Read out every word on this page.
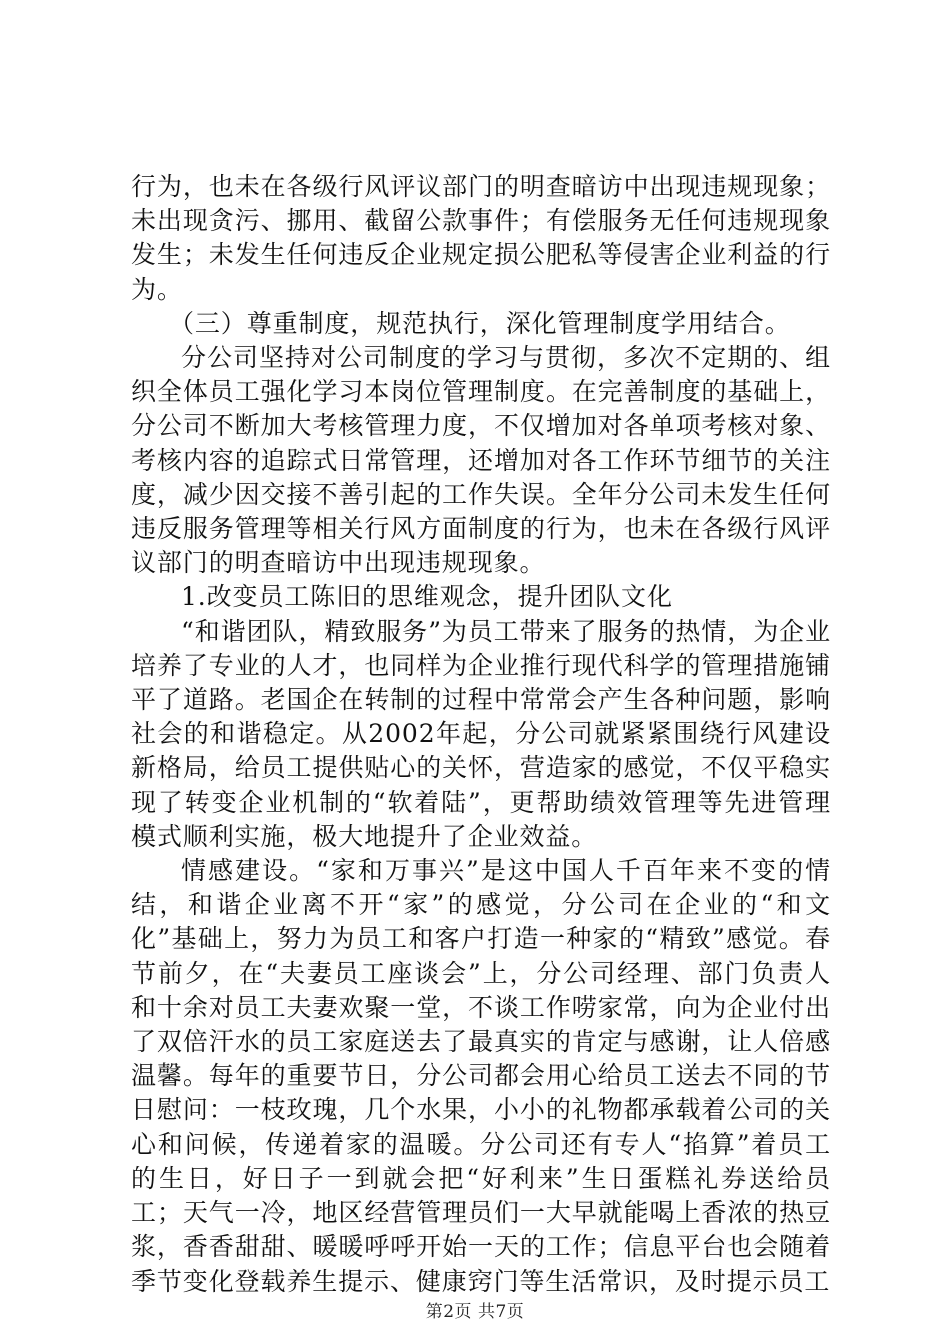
行为，也未在各级行风评议部门的明查暗访中出现违规现象；未出现贪污、挪用、截留公款事件；有偿服务无任何违规现象发生；未发生任何违反企业规定损公肥私等侵害企业利益的行为。

（三）尊重制度，规范执行，深化管理制度学用结合。

分公司坚持对公司制度的学习与贯彻，多次不定期的、组织全体员工强化学习本岗位管理制度。在完善制度的基础上，分公司不断加大考核管理力度，不仅增加对各单项考核对象、考核内容的追踪式日常管理，还增加对各工作环节细节的关注度，减少因交接不善引起的工作失误。全年分公司未发生任何违反服务管理等相关行风方面制度的行为，也未在各级行风评议部门的明查暗访中出现违规现象。

1.改变员工陈旧的思维观念，提升团队文化

“和谐团队，精致服务”为员工带来了服务的热情，为企业培养了专业的人才，也同样为企业推行现代科学的管理措施铺平了道路。老国企在转制的过程中常常会产生各种问题，影响社会的和谐稳定。从2002年起，分公司就紧紧围绕行风建设新格局，给员工提供贴心的关怀，营造家的感觉，不仅平稳实现了转变企业机制的“软着陆”，更帮助绩效管理等先进管理模式顺利实施，极大地提升了企业效益。

情感建设。“家和万事兴”是这中国人千百年来不变的情结，和谐企业离不开“家”的感觉，分公司在企业的“和文化”基础上，努力为员工和客户打造一种家的“精致”感觉。春节前夕，在“夫妻员工座谈会”上，分公司经理、部门负责人和十余对员工夫妻欢聚一堂，不谈工作唠家常，向为企业付出了双倍汗水的员工家庭送去了最真实的肯定与感谢，让人倍感温馨。每年的重要节日，分公司都会用心给员工送去不同的节日慰问：一枝玫瑰，几个水果，小小的礼物都承载着公司的关心和问候，传递着家的温暖。分公司还有专人“掐算”着员工的生日，好日子一到就会把“好利来”生日蛋糕礼券送给员工；天气一冷，地区经营管理员们一大早就能喝上香浓的热豆浆，香香甜甜、暖暖呼呼开始一天的工作；信息平台也会随着季节变化登载养生提示、健康窍门等生活常识，及时提示员工

第2页 共7页
